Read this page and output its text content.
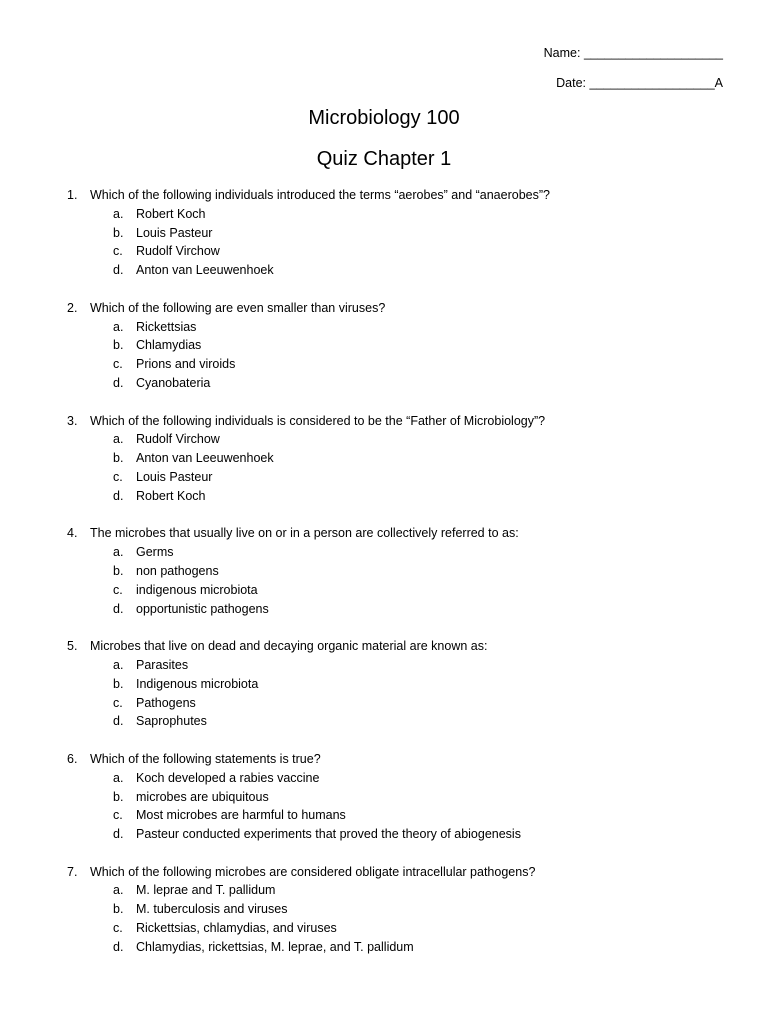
Name: ____________________
Date: __________________A
Microbiology 100
Quiz Chapter 1
1. Which of the following individuals introduced the terms “aerobes” and “anaerobes”?
a. Robert Koch
b. Louis Pasteur
c. Rudolf Virchow
d. Anton van Leeuwenhoek
2. Which of the following are even smaller than viruses?
a. Rickettsias
b. Chlamydias
c. Prions and viroids
d. Cyanobateria
3. Which of the following individuals is considered to be the “Father of Microbiology”?
a. Rudolf Virchow
b. Anton van Leeuwenhoek
c. Louis Pasteur
d. Robert Koch
4. The microbes that usually live on or in a person are collectively referred to as:
a. Germs
b. non pathogens
c. indigenous microbiota
d. opportunistic pathogens
5. Microbes that live on dead and decaying organic material are known as:
a. Parasites
b. Indigenous microbiota
c. Pathogens
d. Saprophutes
6. Which of the following statements is true?
a. Koch developed a rabies vaccine
b. microbes are ubiquitous
c. Most microbes are harmful to humans
d. Pasteur conducted experiments that proved the theory of abiogenesis
7. Which of the following microbes are considered obligate intracellular pathogens?
a. M. leprae and T. pallidum
b. M. tuberculosis and viruses
c. Rickettsias, chlamydias, and viruses
d. Chlamydias, rickettsias, M. leprae, and T. pallidum
